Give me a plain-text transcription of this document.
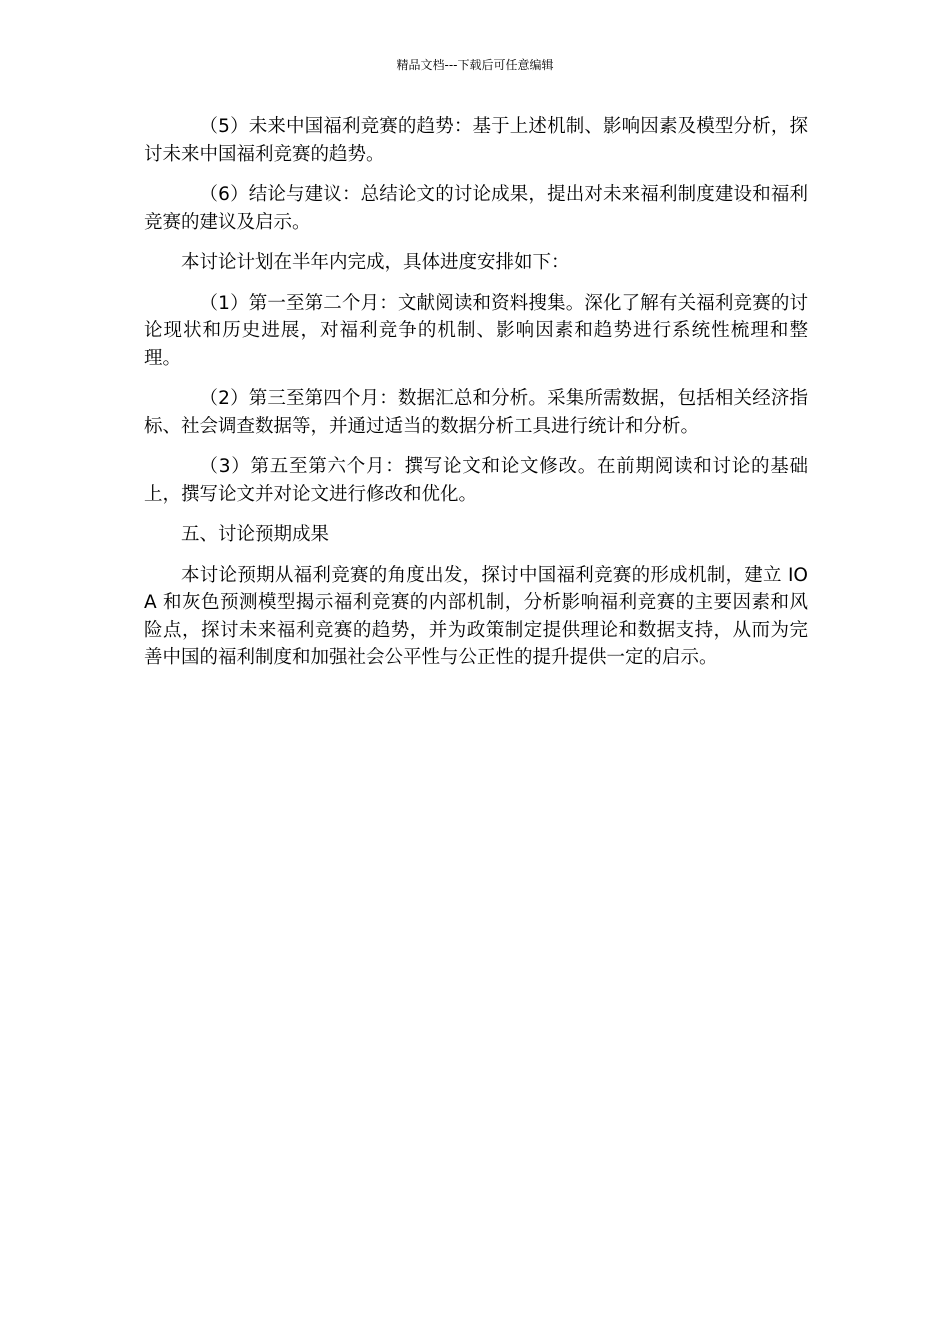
精品文档---下载后可任意编辑

（5）未来中国福利竞赛的趋势：基于上述机制、影响因素及模型分析，探讨未来中国福利竞赛的趋势。

（6）结论与建议：总结论文的讨论成果，提出对未来福利制度建设和福利竞赛的建议及启示。

本讨论计划在半年内完成，具体进度安排如下：

（1）第一至第二个月：文献阅读和资料搜集。深化了解有关福利竞赛的讨论现状和历史进展，对福利竞争的机制、影响因素和趋势进行系统性梳理和整理。

（2）第三至第四个月：数据汇总和分析。采集所需数据，包括相关经济指标、社会调查数据等，并通过适当的数据分析工具进行统计和分析。

（3）第五至第六个月：撰写论文和论文修改。在前期阅读和讨论的基础上，撰写论文并对论文进行修改和优化。

五、讨论预期成果

本讨论预期从福利竞赛的角度出发，探讨中国福利竞赛的形成机制，建立 IOA 和灰色预测模型揭示福利竞赛的内部机制，分析影响福利竞赛的主要因素和风险点，探讨未来福利竞赛的趋势，并为政策制定提供理论和数据支持，从而为完善中国的福利制度和加强社会公平性与公正性的提升提供一定的启示。
